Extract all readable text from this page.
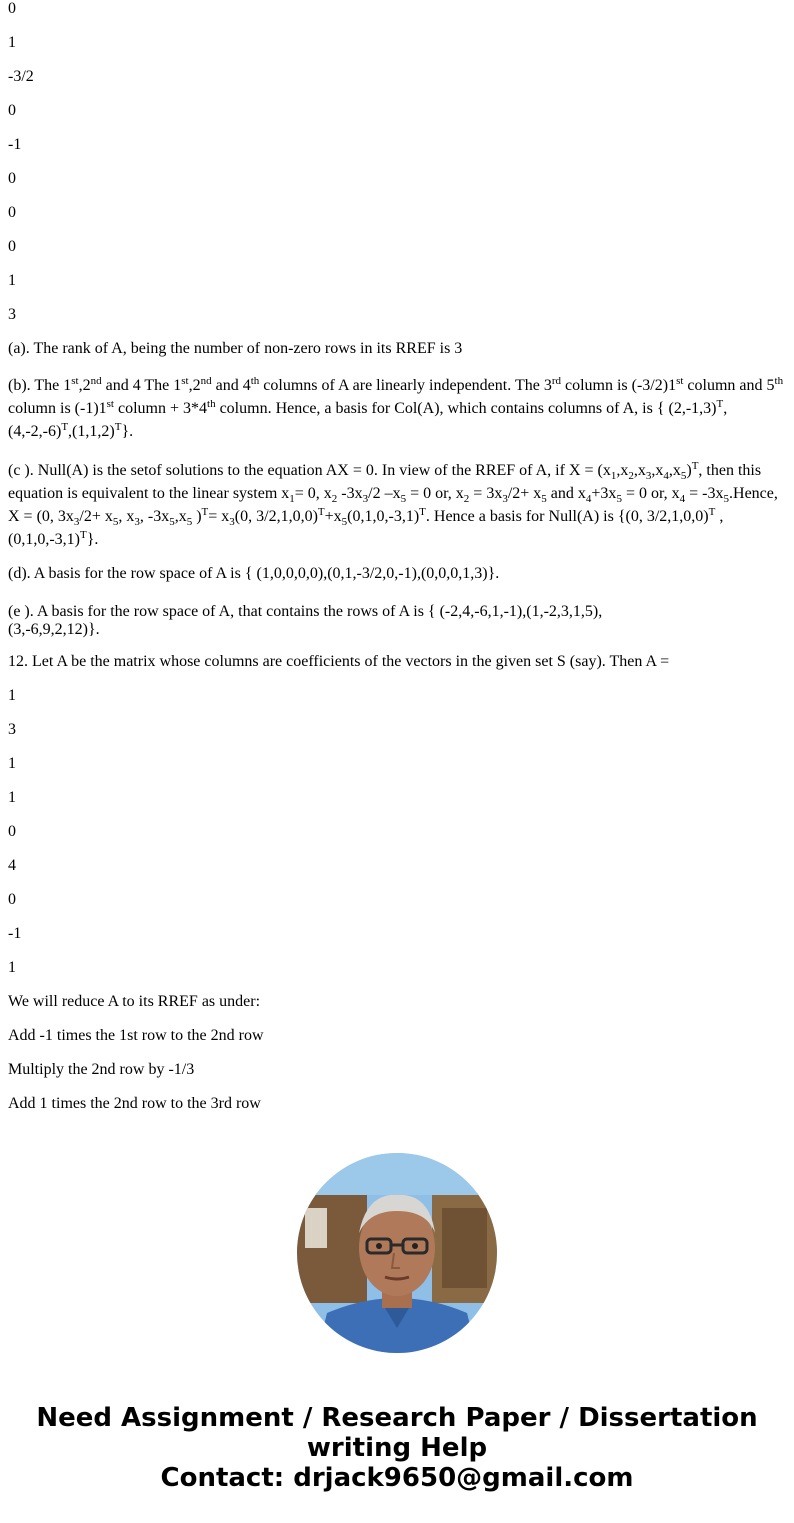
0

1

-3/2

0

-1

0

0

0

1

3

(a). The rank of A, being the number of non-zero rows in its RREF is 3

(b). The 1st,2nd and 4 The 1st,2nd and 4th columns of A are linearly independent. The 3rd column is (-3/2)1st column and 5th column is (-1)1st column + 3*4th column. Hence, a basis for Col(A), which contains columns of A, is { $(2,-1,3)^T$, $(4,-2,-6)^T,(1,1,2)^T$}.

(c ). Null(A) is the setof solutions to the equation AX = 0. In view of the RREF of A, if $X = (x_1,x_2,x_3,x_4,x_5)^T$, then this equation is equivalent to the linear system $x_1= 0$, $x_2$ $-3x_3/2$ $-x_5 = 0$ or, $x_2 = 3x_3/2+ x_5$ and $x_4+3x_5 = 0$ or, $x_4$ = $-3x_5.Hence$, X = (0, $3x_3/2+ x_5$, $x_3$, $-3x_5,x_5$ )$^T= x_3(0$, $3/2,1,0,0)^T+x_5(0,1,0,-3,1)^T$. Hence a basis for Null(A) is {(0, 3/2,1,0,0)$^T$ $,(0,1,0,-3,1)^T$}.

(d). A basis for the row space of A is { (1,0,0,0,0),(0,1,-3/2,0,-1),(0,0,0,1,3)}.

(e ). A basis for the row space of A, that contains the rows of A is { (-2,4,-6,1,-1),(1,-2,3,1,5),

(3,-6,9,2,12)}.

12. Let A be the matrix whose columns are coefficients of the vectors in the given set S (say). Then A =

1

3

1

1

0

4

0

-1

1

We will reduce A to its RREF as under:

Add -1 times the 1st row to the 2nd row

Multiply the 2nd row by -1/3

Add 1 times the 2nd row to the 3rd row

Need Assignment / Research Paper / Dissertation
writing Help
Contact: drjack9650@gmail.com
